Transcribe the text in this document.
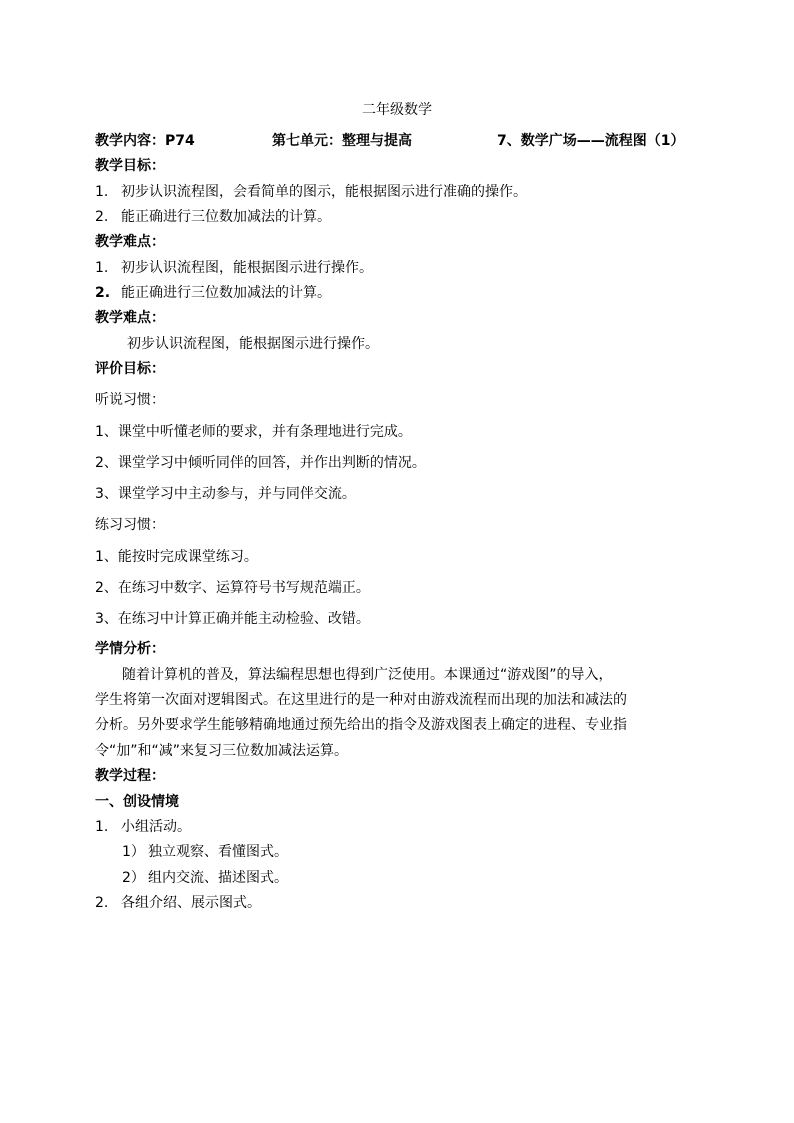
二年级数学
教学内容：P74	第七单元：整理与提高	7、数学广场——流程图（1）
教学目标：
1. 初步认识流程图，会看简单的图示，能根据图示进行准确的操作。
2. 能正确进行三位数加减法的计算。
教学难点：
1. 初步认识流程图，能根据图示进行操作。
2. 能正确进行三位数加减法的计算。
教学难点：
初步认识流程图，能根据图示进行操作。
评价目标：
听说习惯：
1、课堂中听懂老师的要求，并有条理地进行完成。
2、课堂学习中倾听同伴的回答，并作出判断的情况。
3、课堂学习中主动参与，并与同伴交流。
练习习惯：
1、能按时完成课堂练习。
2、在练习中数字、运算符号书写规范端正。
3、在练习中计算正确并能主动检验、改错。
学情分析：
随着计算机的普及，算法编程思想也得到广泛使用。本课通过“游戏图”的导入，
学生将第一次面对逻辑图式。在这里进行的是一种对由游戏流程而出现的加法和减法的
分析。另外要求学生能够精确地通过预先给出的指令及游戏图表上确定的进程、专业指
令“加”和“减”来复习三位数加减法运算。
教学过程：
一、创设情境
1. 小组活动。
1） 独立观察、看懂图式。
2） 组内交流、描述图式。
2. 各组介绍、展示图式。
